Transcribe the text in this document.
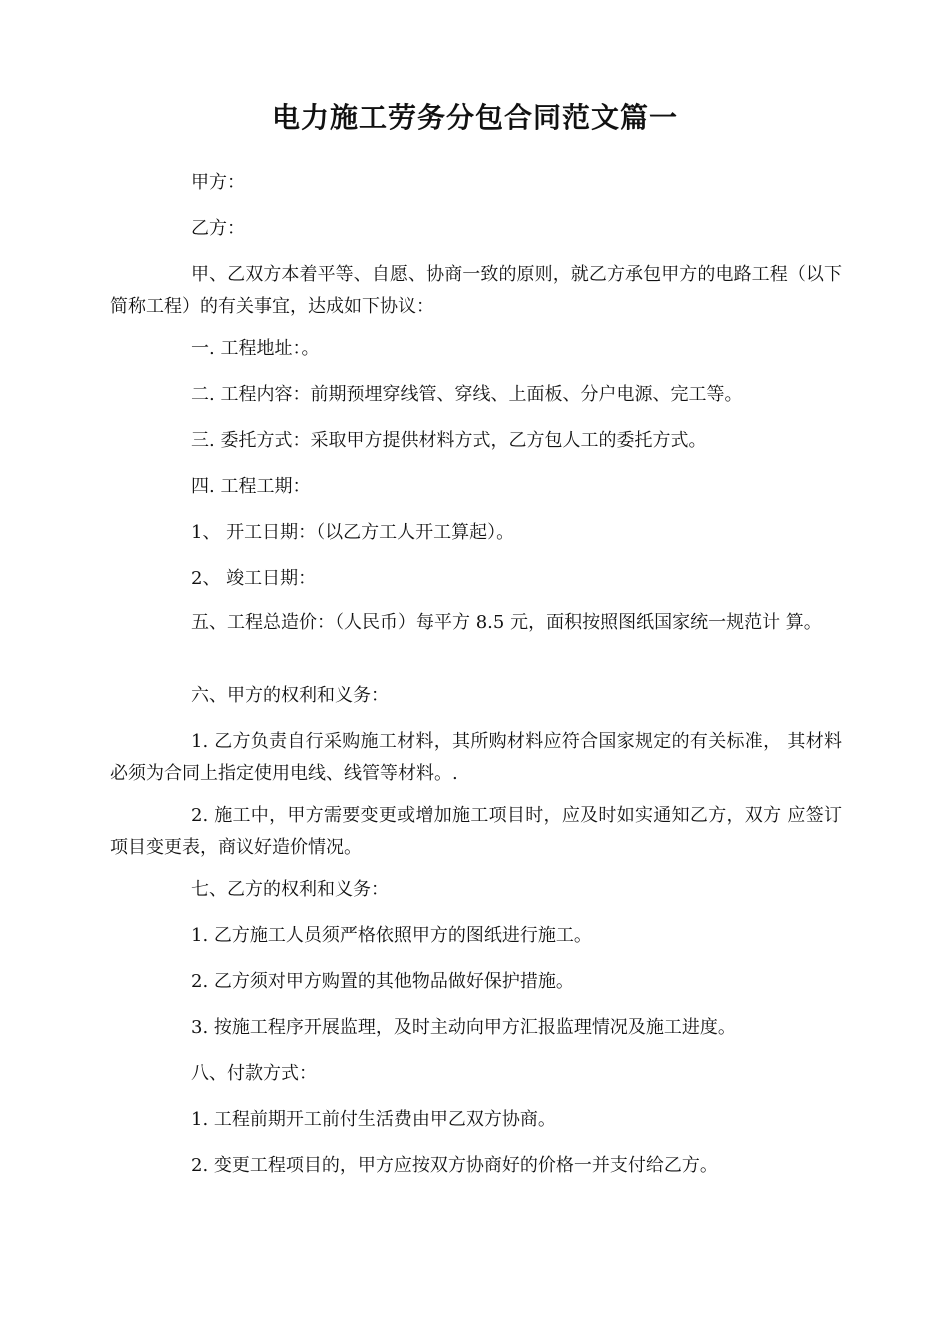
电力施工劳务分包合同范文篇一
甲方：
乙方：
甲、乙双方本着平等、自愿、协商一致的原则，就乙方承包甲方的电路工程（以下简称工程）的有关事宜，达成如下协议：
一. 工程地址：。
二. 工程内容：前期预埋穿线管、穿线、上面板、分户电源、完工等。
三. 委托方式：采取甲方提供材料方式，乙方包人工的委托方式。
四. 工程工期：
1、 开工日期：（以乙方工人开工算起）。
2、 竣工日期：
五、工程总造价：（人民币）每平方 8.5 元，面积按照图纸国家统一规范计 算。
六、甲方的权利和义务：
1. 乙方负责自行采购施工材料，其所购材料应符合国家规定的有关标准， 其材料必须为合同上指定使用电线、线管等材料。.
2. 施工中，甲方需要变更或增加施工项目时，应及时如实通知乙方，双方 应签订项目变更表，商议好造价情况。
七、乙方的权利和义务：
1. 乙方施工人员须严格依照甲方的图纸进行施工。
2. 乙方须对甲方购置的其他物品做好保护措施。
3. 按施工程序开展监理，及时主动向甲方汇报监理情况及施工进度。
八、付款方式：
1. 工程前期开工前付生活费由甲乙双方协商。
2. 变更工程项目的，甲方应按双方协商好的价格一并支付给乙方。
